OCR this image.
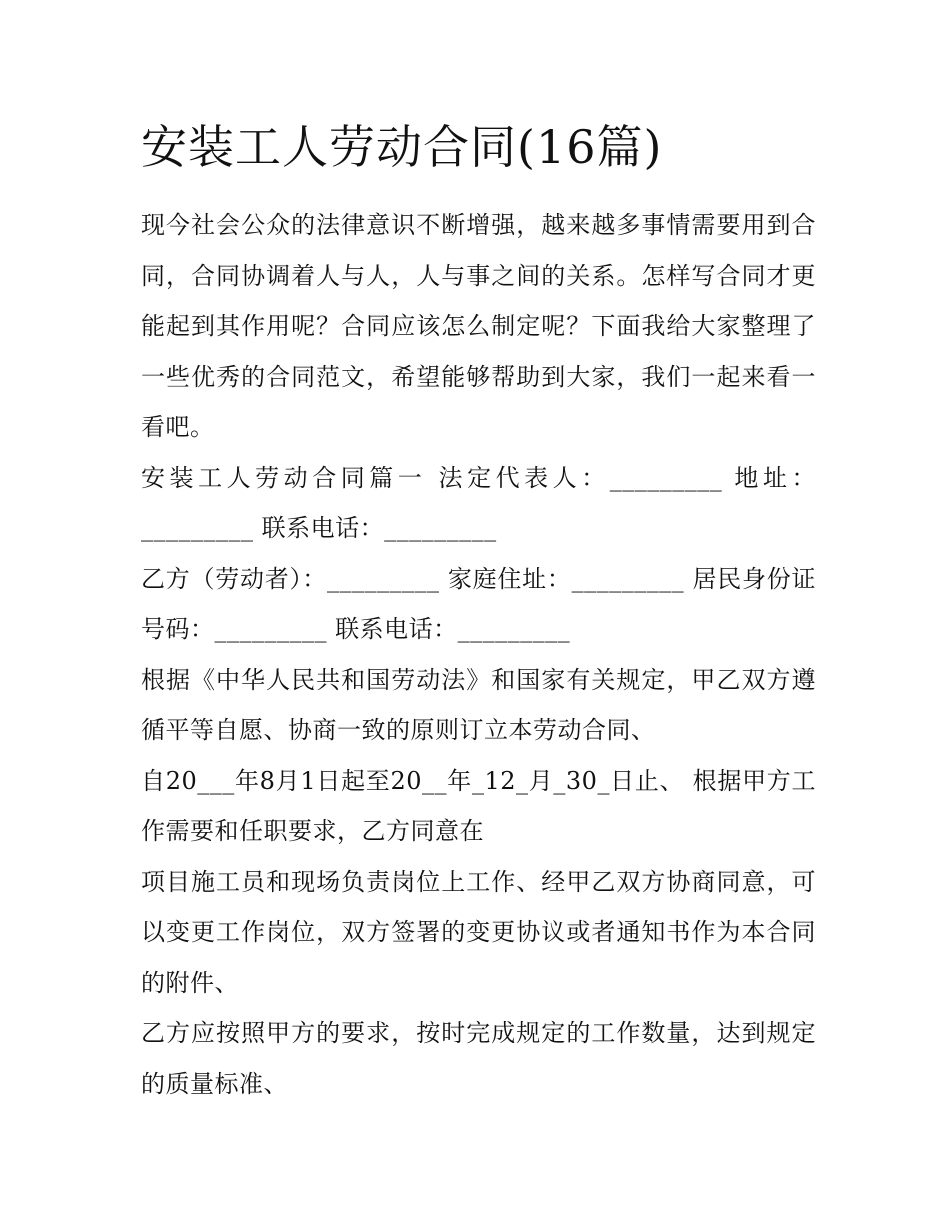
安装工人劳动合同(16篇)

现今社会公众的法律意识不断增强，越来越多事情需要用到合同，合同协调着人与人，人与事之间的关系。怎样写合同才更能起到其作用呢？合同应该怎么制定呢？下面我给大家整理了一些优秀的合同范文，希望能够帮助到大家，我们一起来看一看吧。

安装工人劳动合同篇一 法定代表人：_________ 地址：_________ 联系电话：_________

乙方（劳动者）：_________ 家庭住址：_________ 居民身份证号码：_________ 联系电话：_________

根据《中华人民共和国劳动法》和国家有关规定，甲乙双方遵循平等自愿、协商一致的原则订立本劳动合同、

自20___年8月1日起至20__年_12_月_30_日止、 根据甲方工作需要和任职要求，乙方同意在

项目施工员和现场负责岗位上工作、经甲乙双方协商同意，可以变更工作岗位，双方签署的变更协议或者通知书作为本合同的附件、

乙方应按照甲方的要求，按时完成规定的工作数量，达到规定的质量标准、
